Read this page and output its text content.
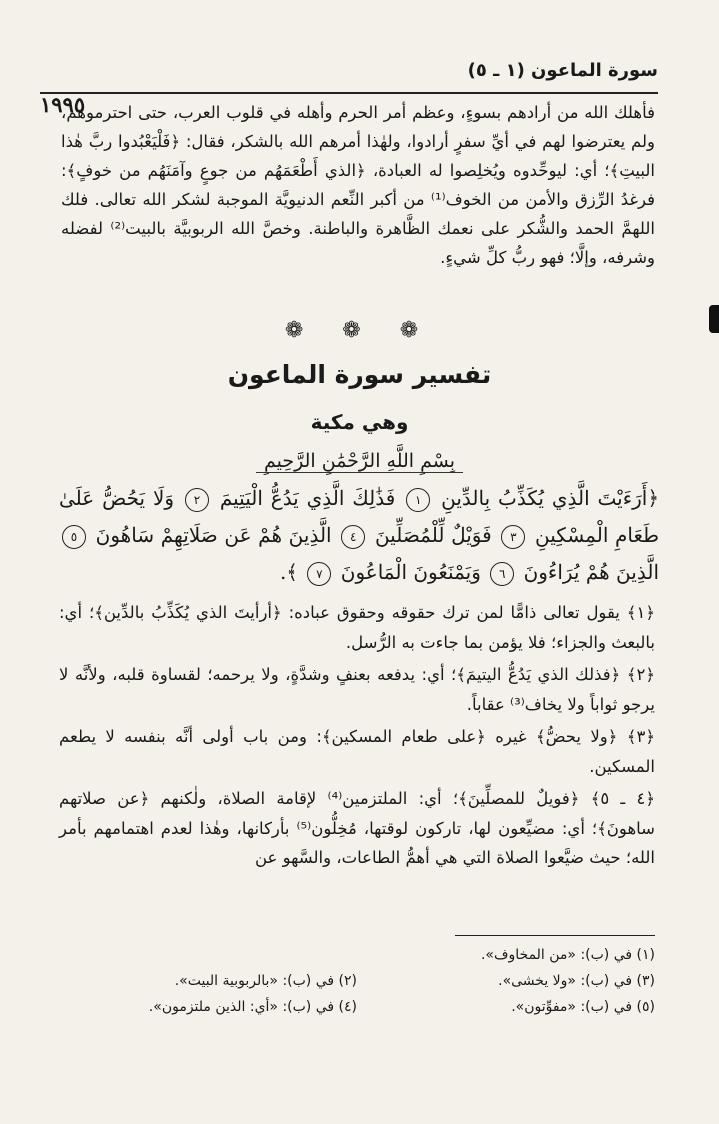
سورة الماعون (١ ـ ٥)
١٩٩٥

فأهلك الله من أرادهم بسوءٍ، وعظم أمر الحرم وأهله في قلوب العرب، حتى احترموهم، ولم يعترضوا لهم في أيِّ سفرٍ أرادوا، ولهٰذا أمرهم الله بالشكر، فقال: ﴿فَلْيَعْبُدوا ربَّ هٰذا البيتِ﴾؛ أي: ليوحِّدوه ويُخلِصوا له العبادة، ﴿الذي أَطْعَمَهُم من جوعٍ وآمَنَهُم من خوفٍ﴾: فرغدُ الرِّزق والأمن من الخوف⁽¹⁾ من أكبر النِّعم الدنيويَّة الموجبة لشكر الله تعالى. فلك اللهمَّ الحمد والشُّكر على نعمك الظَّاهرة والباطنة. وخصَّ الله الربوبيَّة بالبيت⁽²⁾ لفضله وشرفه، وإلَّا؛ فهو ربُّ كلِّ شيءٍ.

❁ ❁ ❁
تفسير سورة الماعون
وهي مكية
بِسْمِ اللَّهِ الرَّحْمَٰنِ الرَّحِيمِ

﴿أَرَءَيْتَ الَّذِي يُكَذِّبُ بِالدِّينِ ١ فَذَٰلِكَ الَّذِي يَدُعُّ الْيَتِيمَ ٢ وَلَا يَحُضُّ عَلَىٰ طَعَامِ الْمِسْكِينِ ٣ فَوَيْلٌ لِّلْمُصَلِّينَ ٤ الَّذِينَ هُمْ عَن صَلَاتِهِمْ سَاهُونَ ٥ الَّذِينَ هُمْ يُرَاءُونَ ٦ وَيَمْنَعُونَ الْمَاعُونَ ٧ ﴾.

﴿١﴾ يقول تعالى ذامًّا لمن ترك حقوقه وحقوق عباده: ﴿أرأيتَ الذي يُكَذِّبُ بالدِّين﴾؛ أي: بالبعث والجزاء؛ فلا يؤمن بما جاءت به الرُّسل.

﴿٢﴾ ﴿فذلك الذي يَدُعُّ اليتيمَ﴾؛ أي: يدفعه بعنفٍ وشدَّةٍ، ولا يرحمه؛ لقساوة قلبه، ولأنَّه لا يرجو ثواباً ولا يخاف⁽³⁾ عقاباً.

﴿٣﴾ ﴿ولا يحضُّ﴾ غيره ﴿على طعام المسكين﴾: ومن باب أولى أنَّه بنفسه لا يطعم المسكين.

﴿٤ ـ ٥﴾ ﴿فويلٌ للمصلِّينَ﴾؛ أي: الملتزمين⁽⁴⁾ لإقامة الصلاة، ولٰكنهم ﴿عن صلاتهم ساهونَ﴾؛ أي: مضيِّعون لها، تاركون لوقتها، مُخِلُّون⁽⁵⁾ بأركانها، وهٰذا لعدم اهتمامهم بأمر الله؛ حيث ضيَّعوا الصلاة التي هي أهمُّ الطاعات، والسَّهو عن

(١) في (ب): «من المخاوف».
(٣) في (ب): «ولا يخشى».
(٢) في (ب): «بالربوبية البيت».
(٥) في (ب): «مفوِّتون».
(٤) في (ب): «أي: الذين ملتزمون».
